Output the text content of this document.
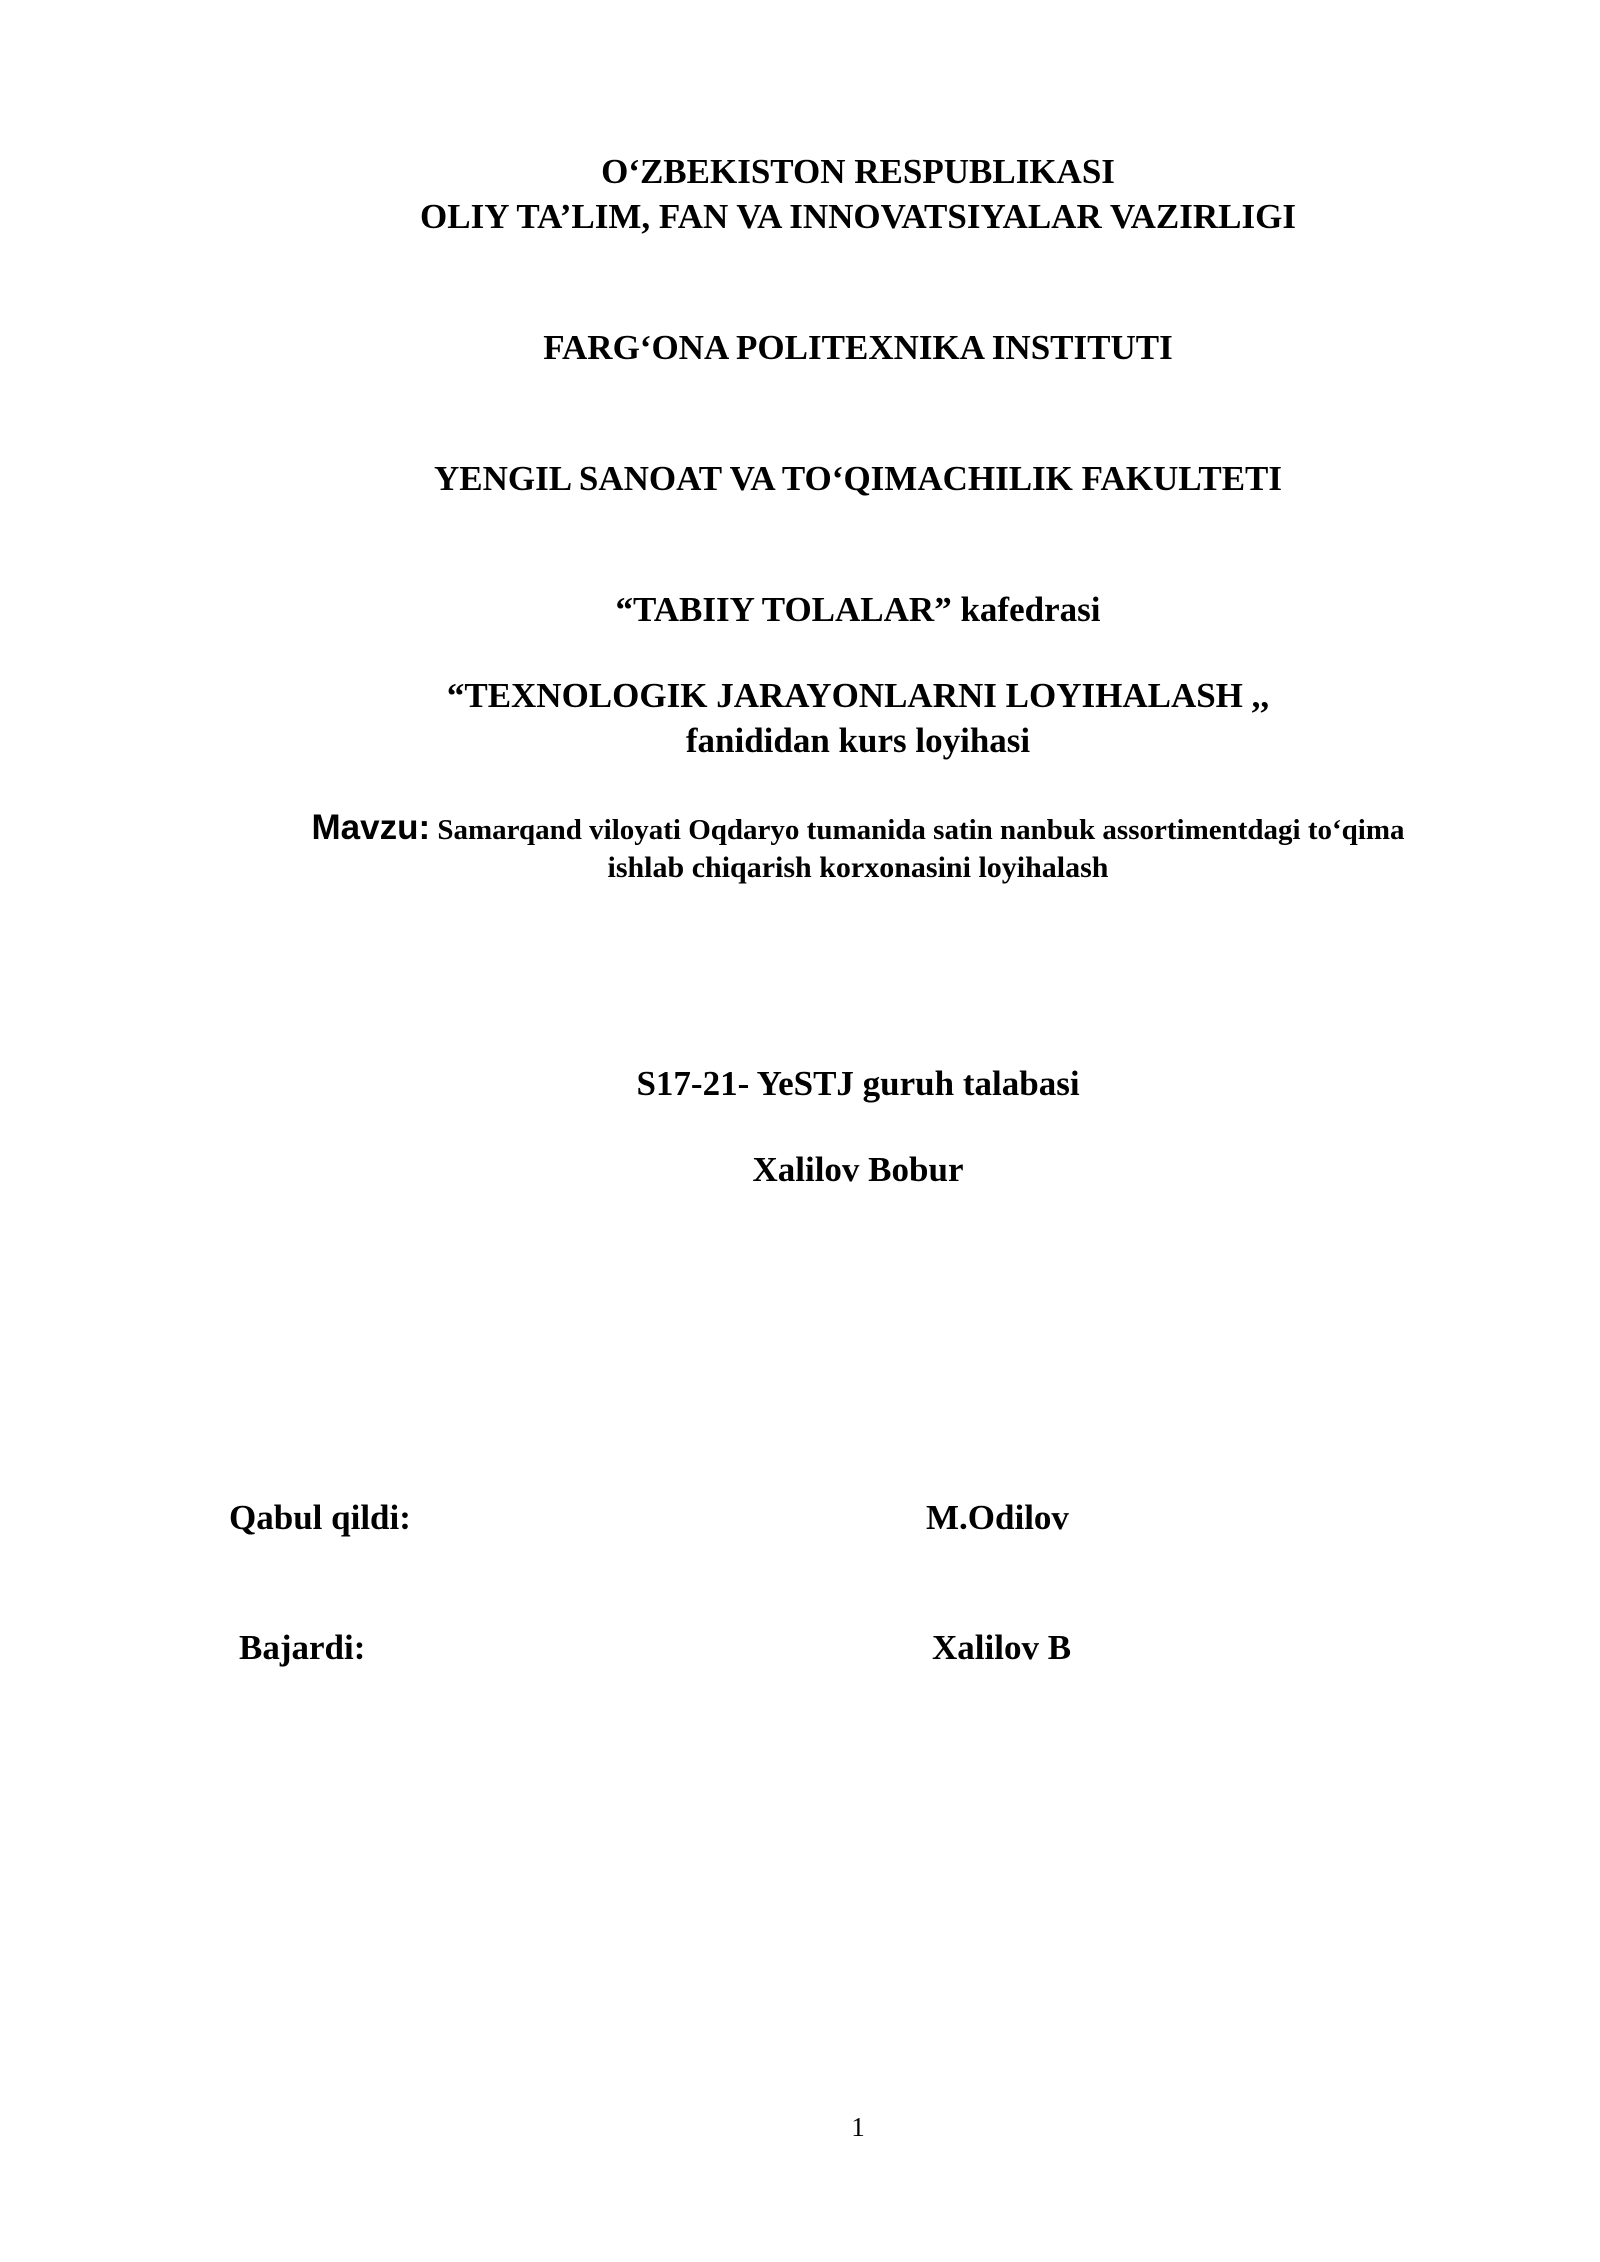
O‘ZBEKISTON RESPUBLIKASI
OLIY TA’LIM, FAN VA INNOVATSIYALAR VAZIRLIGI
FARG‘ONA POLITEXNIKA INSTITUTI
YENGIL SANOAT VA TO‘QIMACHILIK FAKULTETI
“TABIIY TOLALAR” kafedrasi
“TEXNOLOGIK JARAYONLARNI LOYIHALASH ,,
fanididan kurs loyihasi
Mavzu: Samarqand viloyati Oqdaryo tumanida satin nanbuk assortimentdagi to‘qima
ishlab chiqarish korxonasini loyihalash
S17-21- YeSTJ guruh talabasi
Xalilov Bobur
Qabul qildi:	M.Odilov
Bajardi:	Xalilov B
1
